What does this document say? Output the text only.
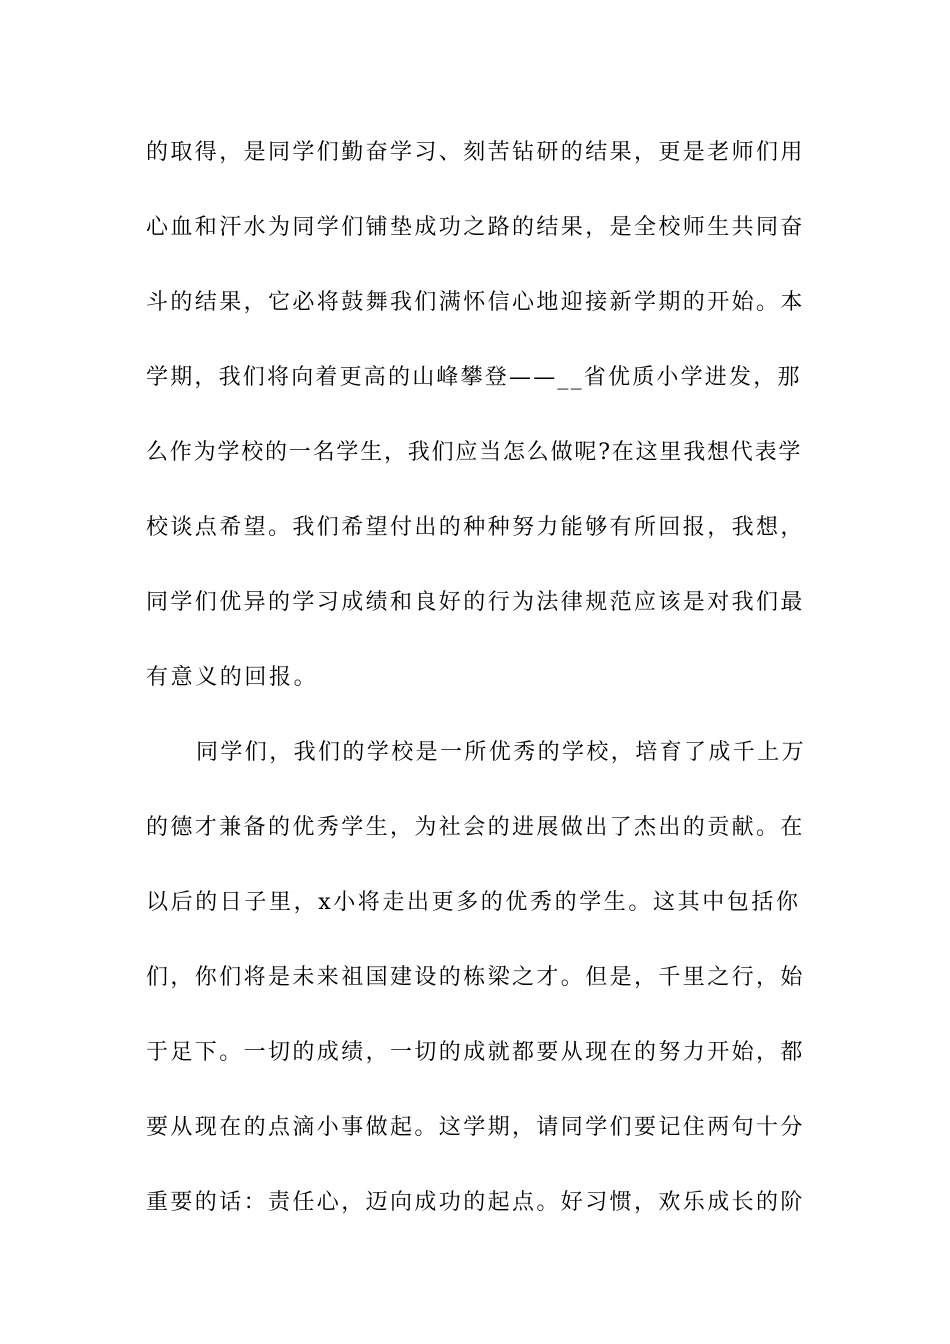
的取得，是同学们勤奋学习、刻苦钻研的结果，更是老师们用
心血和汗水为同学们铺垫成功之路的结果，是全校师生共同奋
斗的结果，它必将鼓舞我们满怀信心地迎接新学期的开始。本
学期，我们将向着更高的山峰攀登——__省优质小学进发，那
么作为学校的一名学生，我们应当怎么做呢?在这里我想代表学
校谈点希望。我们希望付出的种种努力能够有所回报，我想，
同学们优异的学习成绩和良好的行为法律规范应该是对我们最
有意义的回报。
同学们，我们的学校是一所优秀的学校，培育了成千上万
的德才兼备的优秀学生，为社会的进展做出了杰出的贡献。在
以后的日子里，x小将走出更多的优秀的学生。这其中包括你
们，你们将是未来祖国建设的栋梁之才。但是，千里之行，始
于足下。一切的成绩，一切的成就都要从现在的努力开始，都
要从现在的点滴小事做起。这学期，请同学们要记住两句十分
重要的话：责任心，迈向成功的起点。好习惯，欢乐成长的阶
